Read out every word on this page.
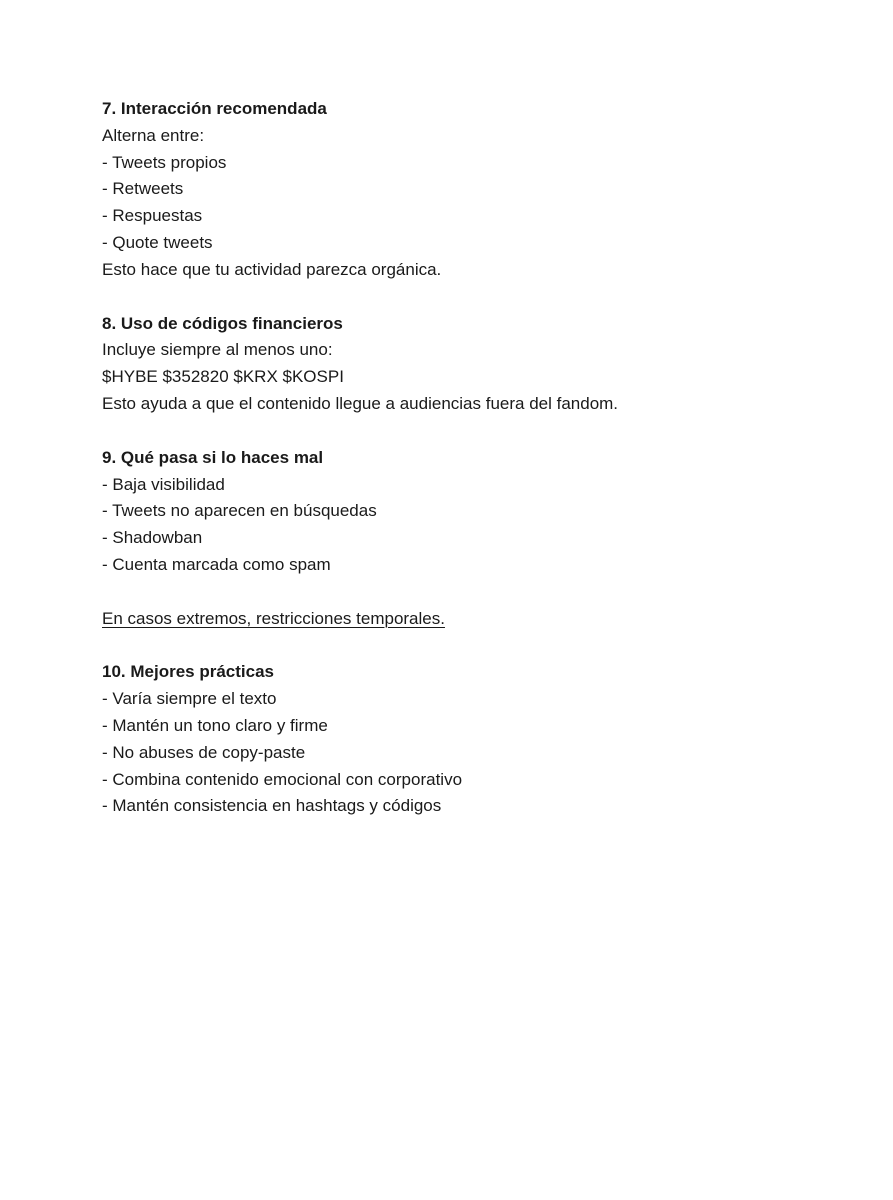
7. Interacción recomendada
Alterna entre:
- Tweets propios
- Retweets
- Respuestas
- Quote tweets
Esto hace que tu actividad parezca orgánica.
8. Uso de códigos financieros
Incluye siempre al menos uno:
$HYBE $352820 $KRX $KOSPI
Esto ayuda a que el contenido llegue a audiencias fuera del fandom.
9. Qué pasa si lo haces mal
- Baja visibilidad
- Tweets no aparecen en búsquedas
- Shadowban
- Cuenta marcada como spam
En casos extremos, restricciones temporales.
10. Mejores prácticas
- Varía siempre el texto
- Mantén un tono claro y firme
- No abuses de copy-paste
- Combina contenido emocional con corporativo
- Mantén consistencia en hashtags y códigos
